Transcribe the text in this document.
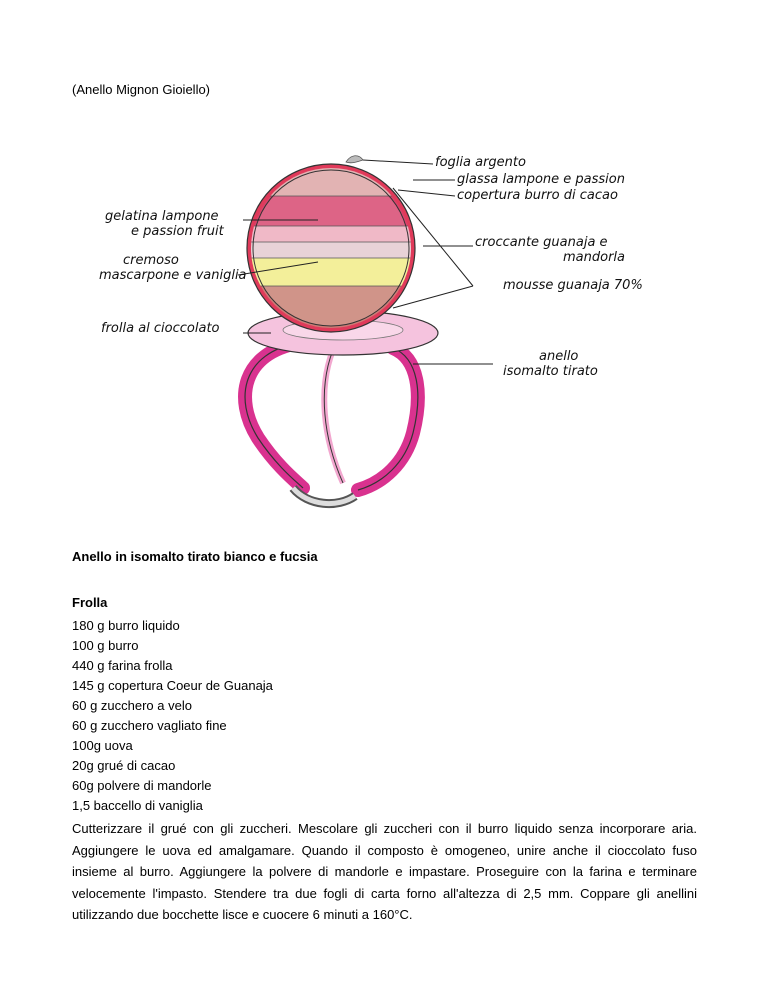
(Anello Mignon Gioiello)
foglia argento
glassa lampone e passion
copertura burro di cacao
gelatina lampone
e passion fruit
croccante guanaja e
mandorla
cremoso
mascarpone e vaniglia
mousse guanaja 70%
frolla al cioccolato
anello
isomalto tirato
Anello in isomalto tirato bianco e fucsia
Frolla
180 g burro liquido
100 g burro
440 g farina frolla
145 g copertura Coeur de Guanaja
60 g zucchero a velo
60 g zucchero vagliato fine
100g uova
20g grué di cacao
60g polvere di mandorle
1,5 baccello di vaniglia

Cutterizzare il grué con gli zuccheri. Mescolare gli zuccheri con il burro liquido senza incorporare aria. Aggiungere le uova ed amalgamare. Quando il composto è omogeneo, unire anche il cioccolato fuso insieme al burro. Aggiungere la polvere di mandorle e impastare. Proseguire con la farina e terminare velocemente l'impasto. Stendere tra due fogli di carta forno all'altezza di 2,5 mm. Coppare gli anellini utilizzando due bocchette lisce e cuocere 6 minuti a 160°C.
